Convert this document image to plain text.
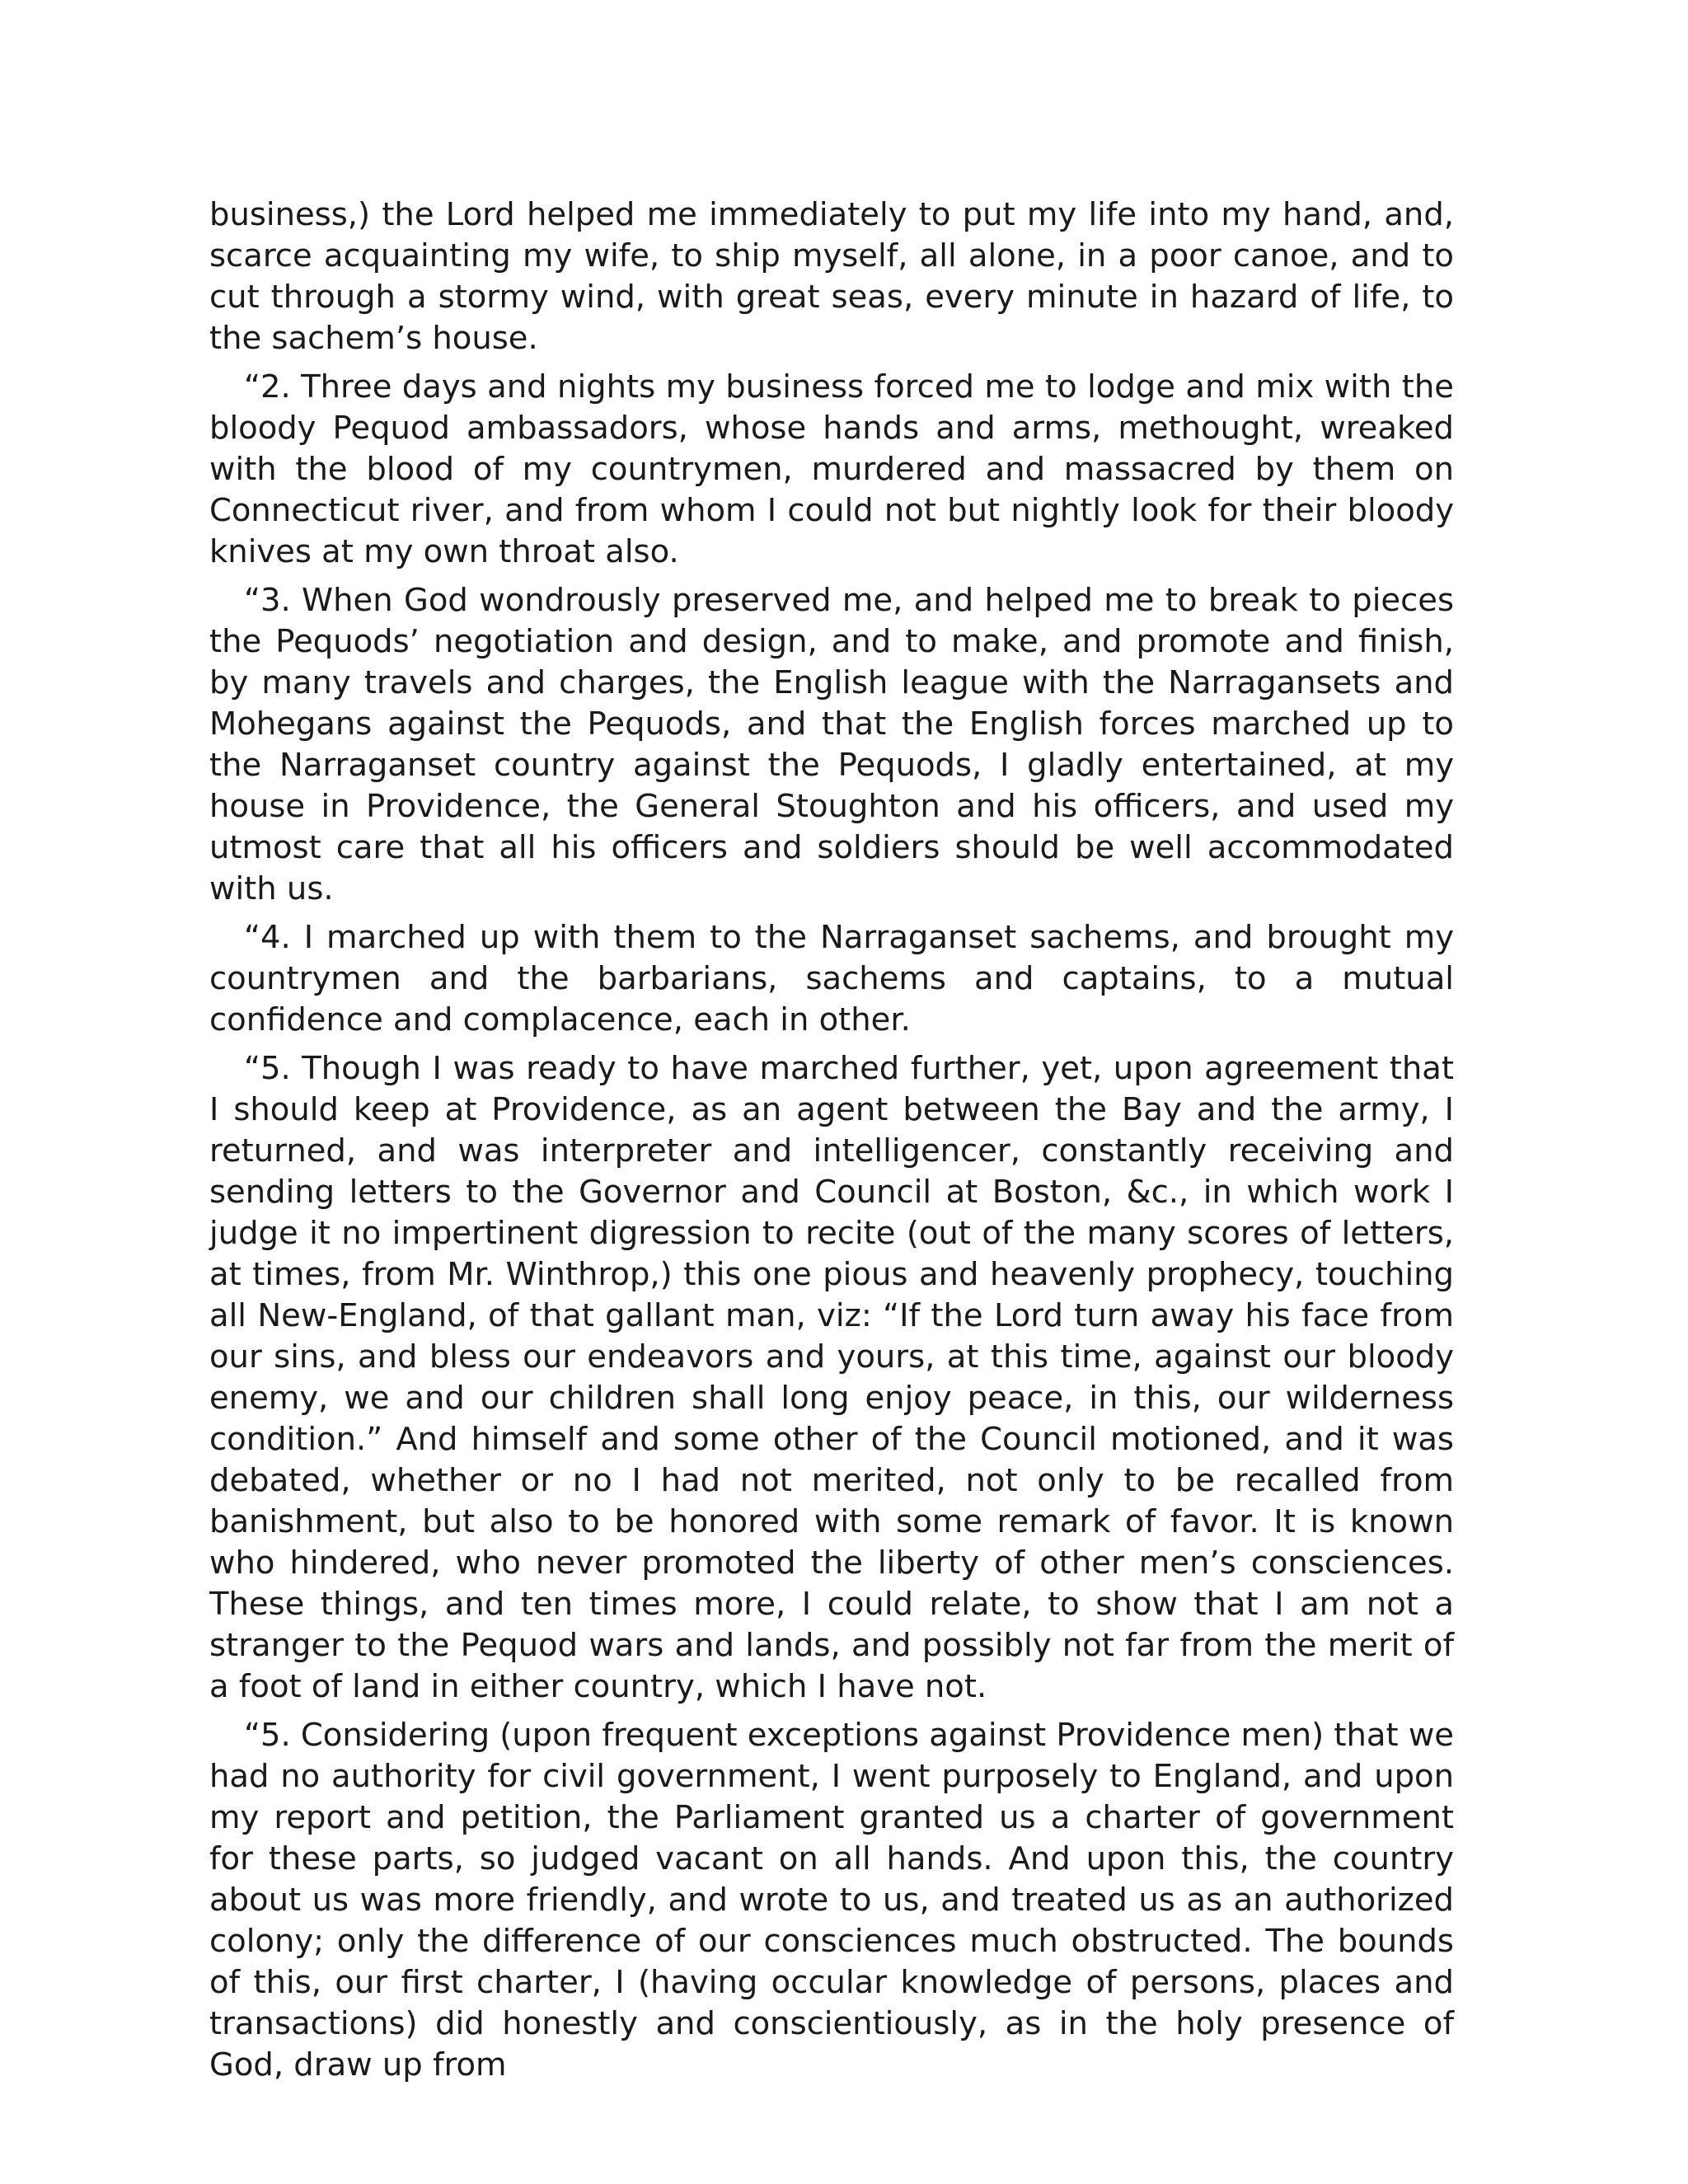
business,) the Lord helped me immediately to put my life into my hand, and, scarce acquainting my wife, to ship myself, all alone, in a poor canoe, and to cut through a stormy wind, with great seas, every minute in hazard of life, to the sachem’s house.

“2. Three days and nights my business forced me to lodge and mix with the bloody Pequod ambassadors, whose hands and arms, methought, wreaked with the blood of my countrymen, murdered and massacred by them on Connecticut river, and from whom I could not but nightly look for their bloody knives at my own throat also.

“3. When God wondrously preserved me, and helped me to break to pieces the Pequods’ negotiation and design, and to make, and promote and finish, by many travels and charges, the English league with the Narragansets and Mohegans against the Pequods, and that the English forces marched up to the Narraganset country against the Pequods, I gladly entertained, at my house in Providence, the General Stoughton and his officers, and used my utmost care that all his officers and soldiers should be well accommodated with us.

“4. I marched up with them to the Narraganset sachems, and brought my countrymen and the barbarians, sachems and captains, to a mutual confidence and complacence, each in other.

“5. Though I was ready to have marched further, yet, upon agreement that I should keep at Providence, as an agent between the Bay and the army, I returned, and was interpreter and intelligencer, constantly receiving and sending letters to the Governor and Council at Boston, &c., in which work I judge it no impertinent digression to recite (out of the many scores of letters, at times, from Mr. Winthrop,) this one pious and heavenly prophecy, touching all New-England, of that gallant man, viz: “If the Lord turn away his face from our sins, and bless our endeavors and yours, at this time, against our bloody enemy, we and our children shall long enjoy peace, in this, our wilderness condition.” And himself and some other of the Council motioned, and it was debated, whether or no I had not merited, not only to be recalled from banishment, but also to be honored with some remark of favor. It is known who hindered, who never promoted the liberty of other men’s consciences. These things, and ten times more, I could relate, to show that I am not a stranger to the Pequod wars and lands, and possibly not far from the merit of a foot of land in either country, which I have not.

“5. Considering (upon frequent exceptions against Providence men) that we had no authority for civil government, I went purposely to England, and upon my report and petition, the Parliament granted us a charter of government for these parts, so judged vacant on all hands. And upon this, the country about us was more friendly, and wrote to us, and treated us as an authorized colony; only the difference of our consciences much obstructed. The bounds of this, our first charter, I (having occular knowledge of persons, places and transactions) did honestly and conscientiously, as in the holy presence of God, draw up from
